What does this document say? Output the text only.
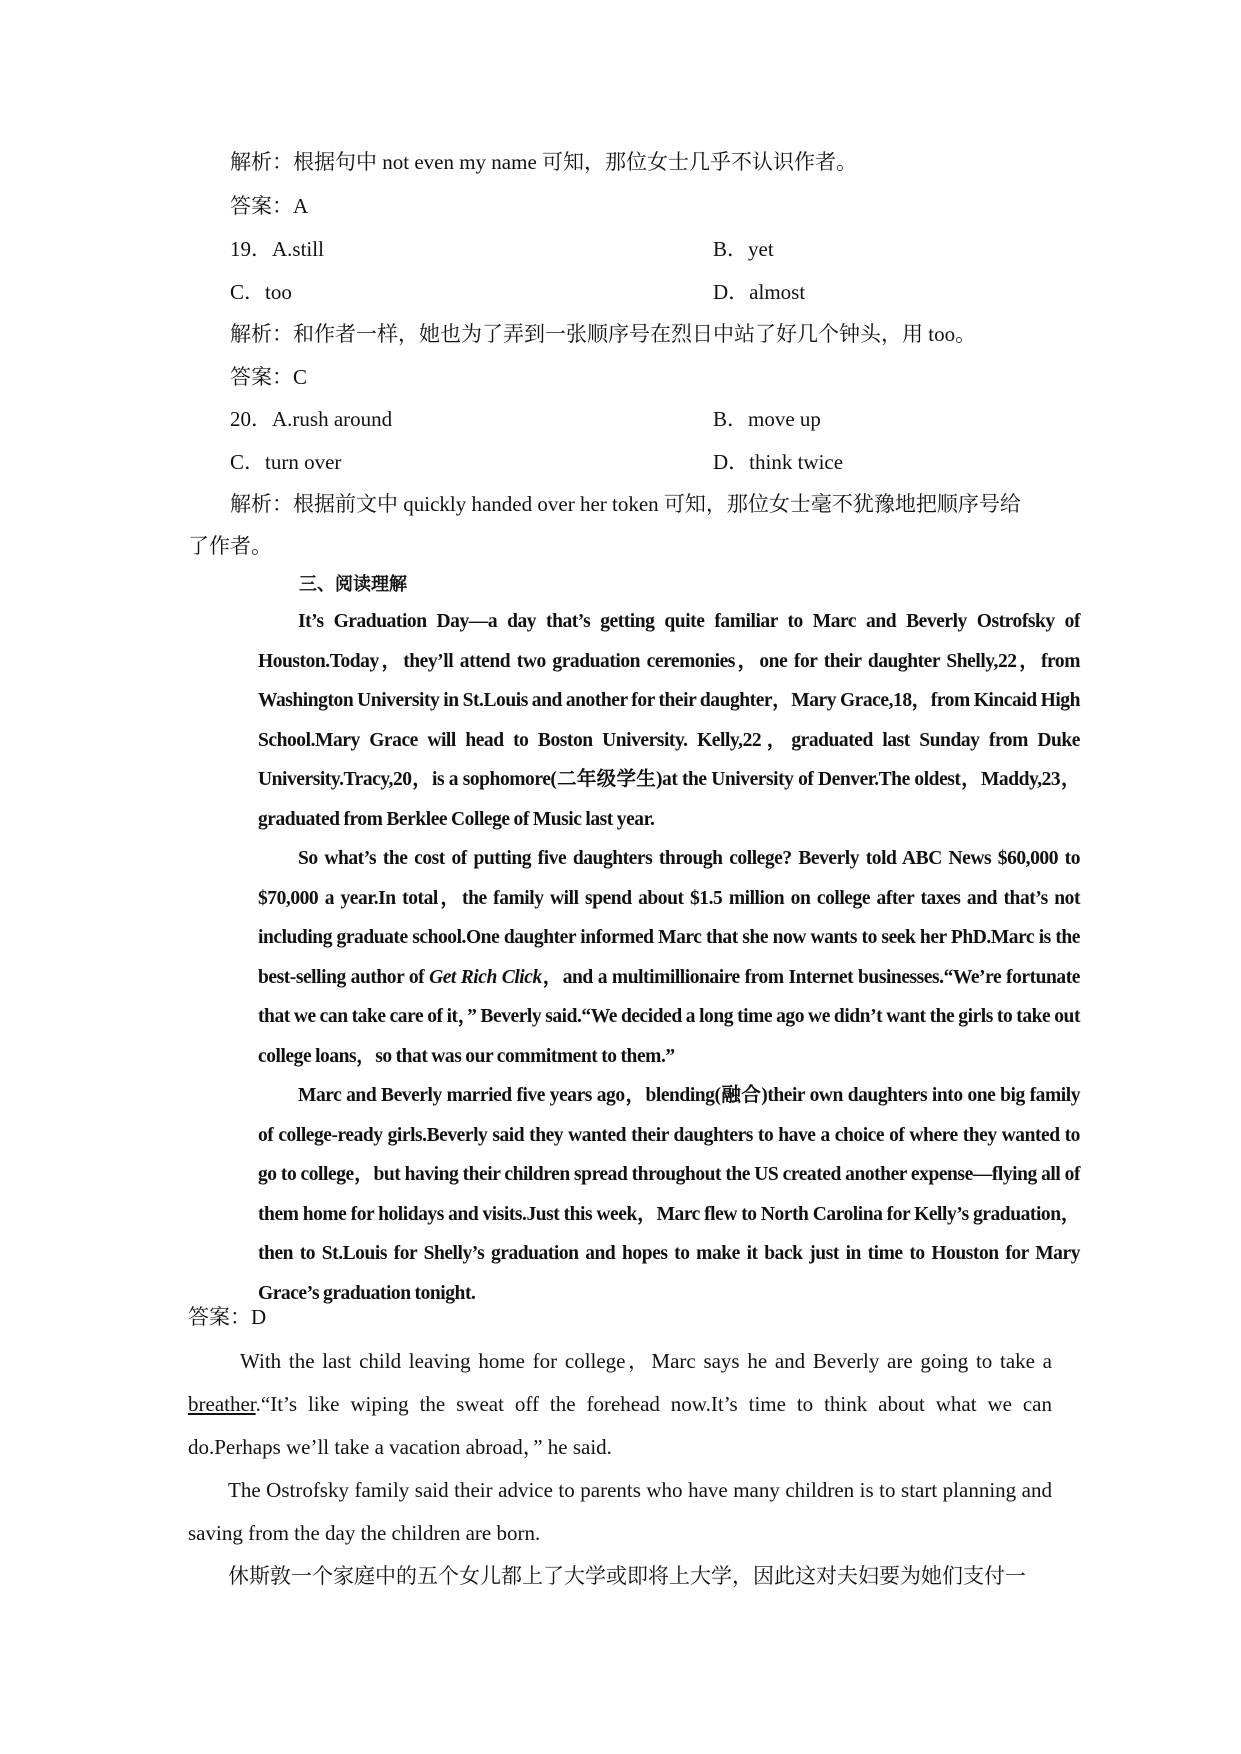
解析：根据句中 not even my name 可知，那位女士几乎不认识作者。
答案：A
19．A.still	B．yet
C．too	D．almost
解析：和作者一样，她也为了弄到一张顺序号在烈日中站了好几个钟头，用 too。
答案：C
20．A.rush around	B．move up
C．turn over	D．think twice
解析：根据前文中 quickly handed over her token 可知，那位女士毫不犹豫地把顺序号给
了作者。
三、阅读理解

It’s Graduation Day—a day that’s getting quite familiar to Marc and Beverly Ostrofsky of Houston.Today，they’ll attend two graduation ceremonies，one for their daughter Shelly,22，from Washington University in St.Louis and another for their daughter，Mary Grace,18，from Kincaid High School.Mary Grace will head to Boston University. Kelly,22，graduated last Sunday from Duke University.Tracy,20，is a sophomore(二年级学生)at the University of Denver.The oldest，Maddy,23，graduated from Berklee College of Music last year.

So what’s the cost of putting five daughters through college? Beverly told ABC News $60,000 to $70,000 a year.In total，the family will spend about $1.5 million on college after taxes and that’s not including graduate school.One daughter informed Marc that she now wants to seek her PhD.Marc is the best-selling author of Get Rich Click，and a multimillionaire from Internet businesses.“We’re fortunate that we can take care of it，” Beverly said.“We decided a long time ago we didn’t want the girls to take out college loans，so that was our commitment to them.”

Marc and Beverly married five years ago，blending(融合)their own daughters into one big family of college-ready girls.Beverly said they wanted their daughters to have a choice of where they wanted to go to college，but having their children spread throughout the US created another expense—flying all of them home for holidays and visits.Just this week，Marc flew to North Carolina for Kelly’s graduation，then to St.Louis for Shelly’s graduation and hopes to make it back just in time to Houston for Mary Grace’s graduation tonight.

答案：D

With the last child leaving home for college，Marc says he and Beverly are going to take a breather.“It’s like wiping the sweat off the forehead now.It’s time to think about what we can do.Perhaps we’ll take a vacation abroad，” he said.

The Ostrofsky family said their advice to parents who have many children is to start planning and saving from the day the children are born.

休斯敦一个家庭中的五个女儿都上了大学或即将上大学，因此这对夫妇要为她们支付一
